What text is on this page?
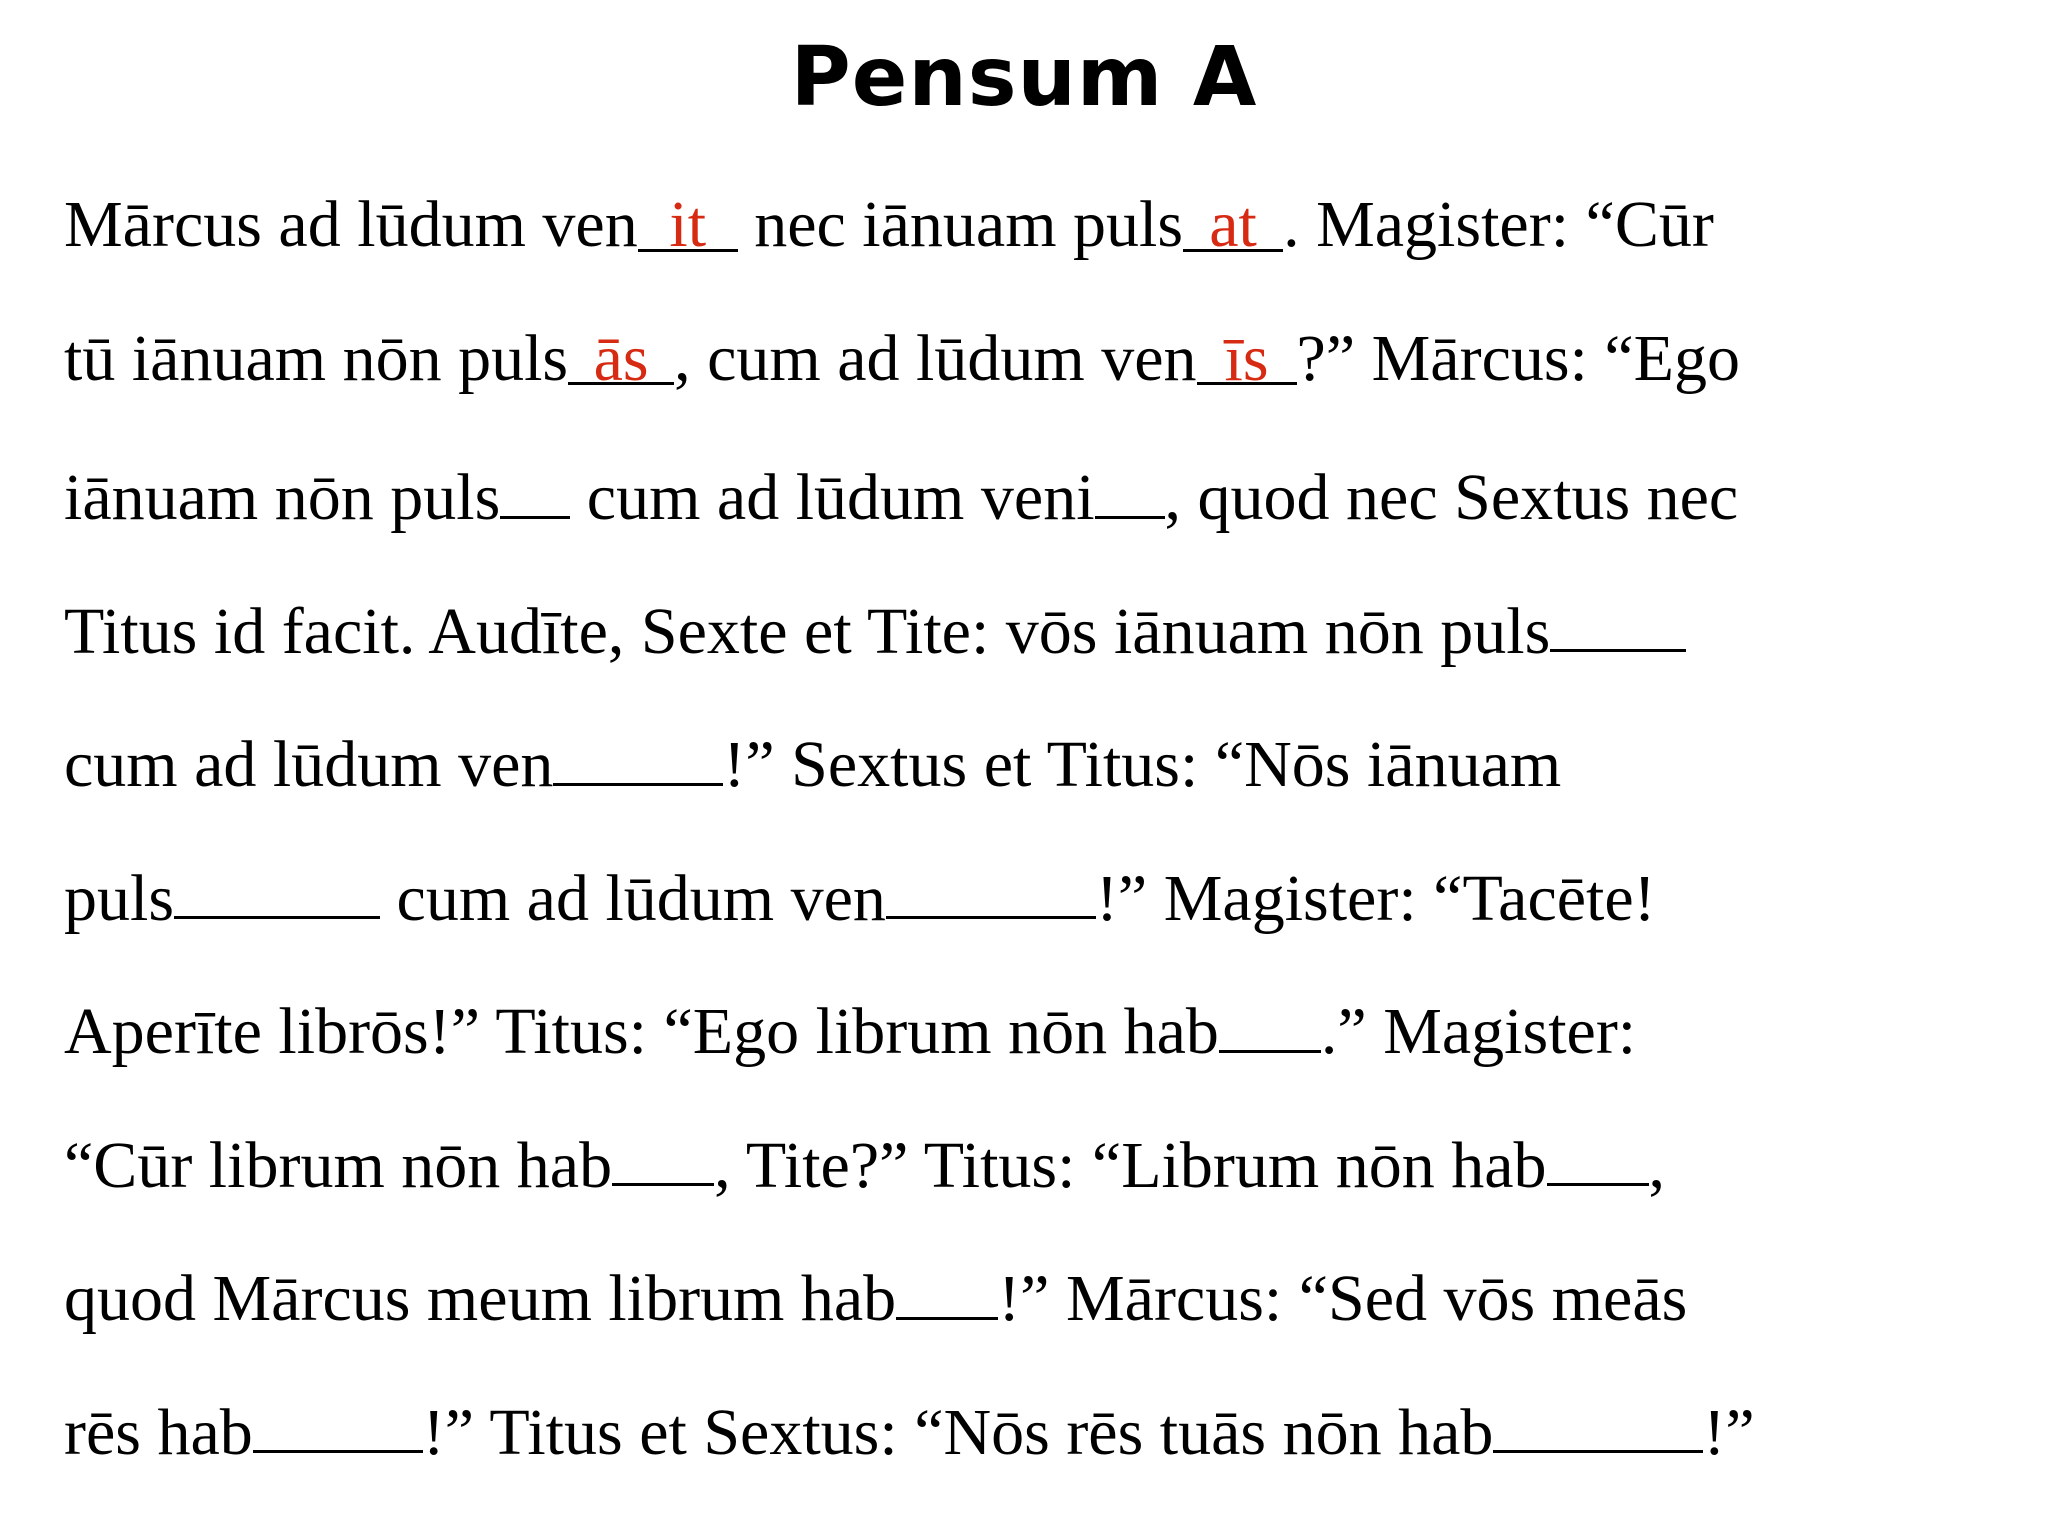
Pensum A
Mārcus ad lūdum ven it nec iānuam puls at . Magister: “Cūr
tū iānuam nōn puls ās , cum ad lūdum ven īs ?” Mārcus: “Ego
iānuam nōn puls cum ad lūdum veni , quod nec Sextus nec
Titus id facit. Audīte, Sexte et Tite: vōs iānuam nōn puls
cum ad lūdum ven	!” Sextus et Titus: “Nōs iānuam
puls	cum ad lūdum ven	!” Magister: “Tacēte!
Aperīte librōs!” Titus: “Ego librum nōn hab .” Magister:
“Cūr librum nōn hab , Tite?” Titus: “Librum nōn hab ,
quod Mārcus meum librum hab !” Mārcus: “Sed vōs meās
rēs hab	!” Titus et Sextus: “Nōs rēs tuās nōn hab	!”
